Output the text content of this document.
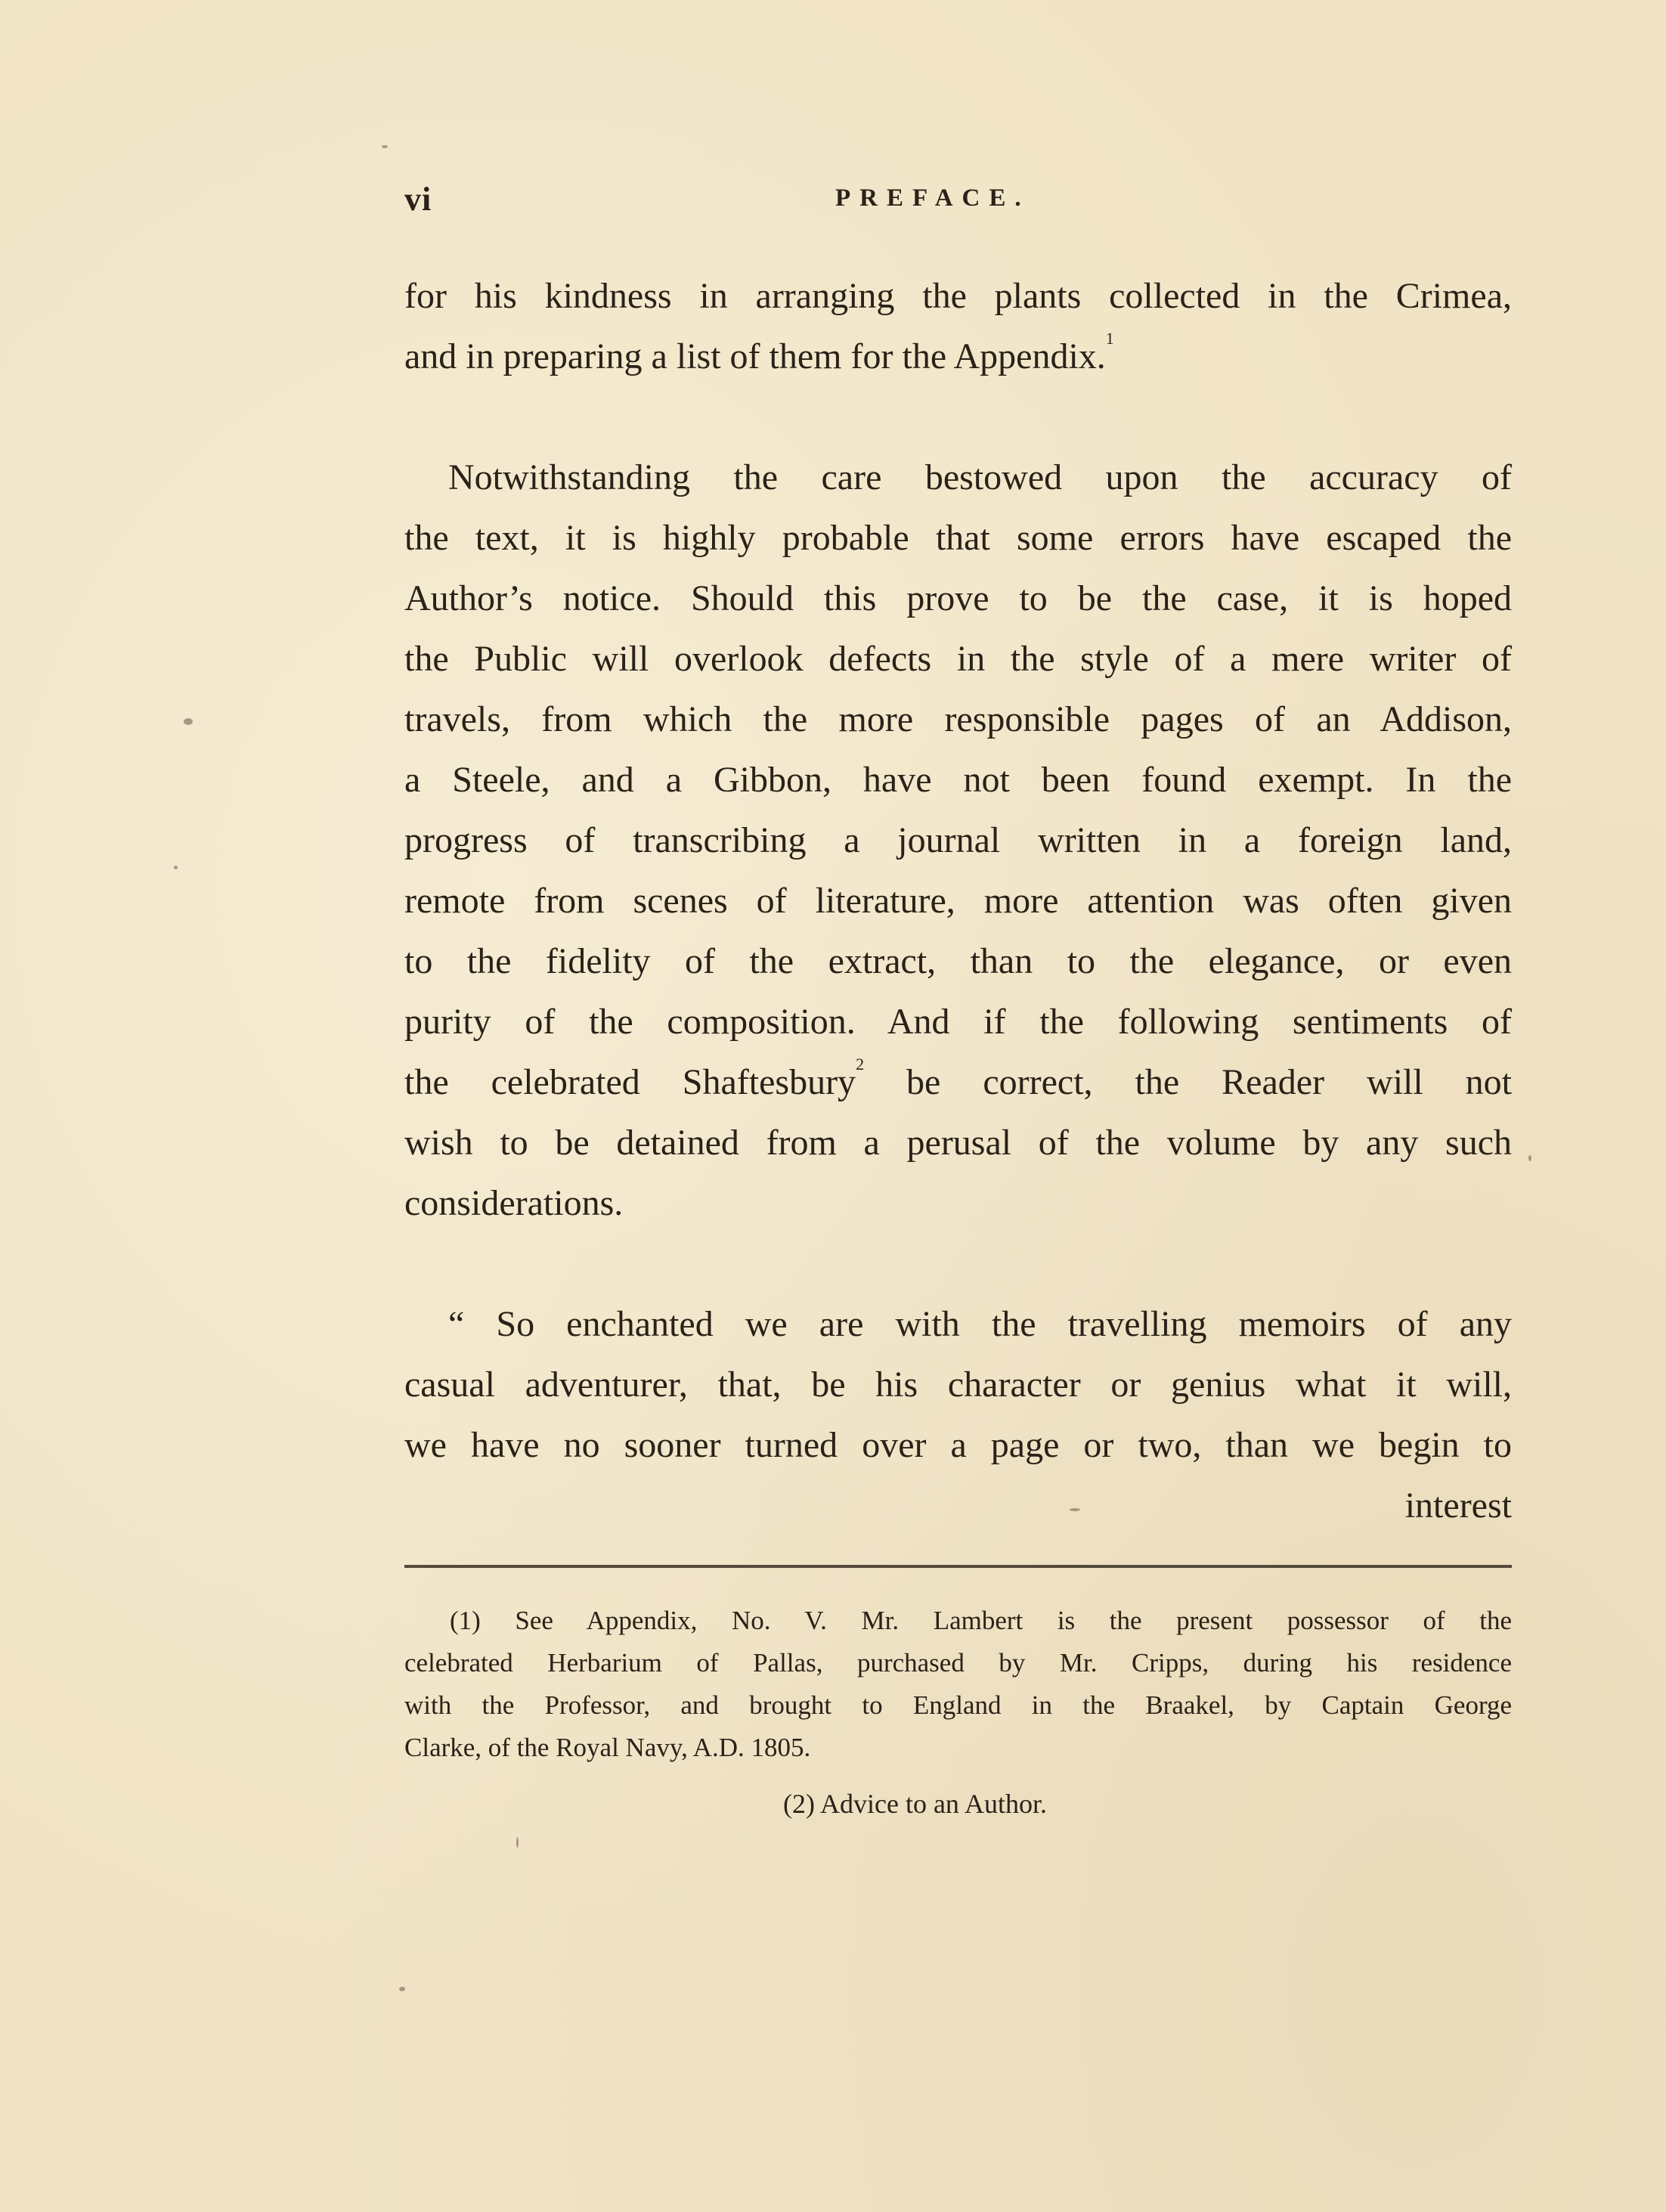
vi	PREFACE.
for his kindness in arranging the plants collected in the Crimea,
and in preparing a list of them for the Appendix.$^1$
Notwithstanding the care bestowed upon the accuracy of
the text, it is highly probable that some errors have escaped the
Author’s notice. Should this prove to be the case, it is hoped
the Public will overlook defects in the style of a mere writer of
travels, from which the more responsible pages of an Addison,
a Steele, and a Gibbon, have not been found exempt. In the
progress of transcribing a journal written in a foreign land,
remote from scenes of literature, more attention was often given
to the fidelity of the extract, than to the elegance, or even
purity of the composition. And if the following sentiments of
the celebrated Shaftesbury$^2$ be correct, the Reader will not
wish to be detained from a perusal of the volume by any such
considerations.
“ So enchanted we are with the travelling memoirs of any
casual adventurer, that, be his character or genius what it will,
we have no sooner turned over a page or two, than we begin to
interest
(1) See Appendix, No. V. Mr. Lambert is the present possessor of the
celebrated Herbarium of Pallas, purchased by Mr. Cripps, during his residence
with the Professor, and brought to England in the Braakel, by Captain George
Clarke, of the Royal Navy, A.D. 1805.
(2) Advice to an Author.
